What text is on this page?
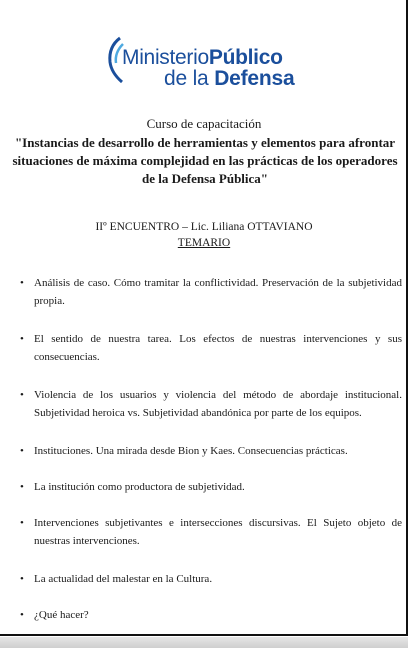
MinisterioPúblico
de la Defensa
Curso de capacitación
"Instancias de desarrollo de herramientas y elementos para afrontar situaciones de máxima complejidad en las prácticas de los operadores de la Defensa Pública"
IIº ENCUENTRO – Lic. Liliana OTTAVIANO
TEMARIO
• Análisis de caso. Cómo tramitar la conflictividad. Preservación de la subjetividad propia.
• El sentido de nuestra tarea. Los efectos de nuestras intervenciones y sus consecuencias.
• Violencia de los usuarios y violencia del método de abordaje institucional. Subjetividad heroica vs. Subjetividad abandónica por parte de los equipos.
• Instituciones. Una mirada desde Bion y Kaes. Consecuencias prácticas.
• La institución como productora de subjetividad.
• Intervenciones subjetivantes e intersecciones discursivas. El Sujeto objeto de nuestras intervenciones.
• La actualidad del malestar en la Cultura.
• ¿Qué hacer?
